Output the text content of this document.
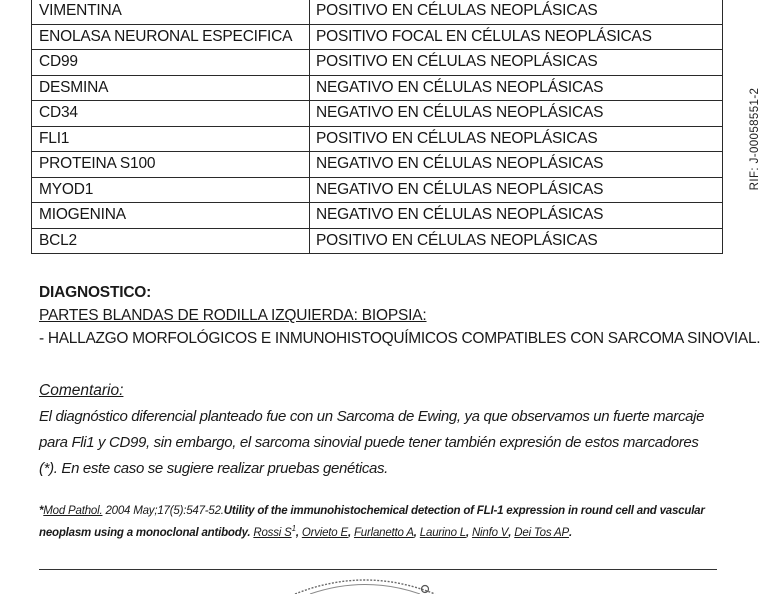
VIMENTINA	POSITIVO EN CÉLULAS NEOPLÁSICAS
ENOLASA NEURONAL ESPECIFICA	POSITIVO FOCAL EN CÉLULAS NEOPLÁSICAS
CD99	POSITIVO EN CÉLULAS NEOPLÁSICAS
DESMINA	NEGATIVO EN CÉLULAS NEOPLÁSICAS
CD34	NEGATIVO EN CÉLULAS NEOPLÁSICAS
FLI1	POSITIVO EN CÉLULAS NEOPLÁSICAS
PROTEINA S100	NEGATIVO EN CÉLULAS NEOPLÁSICAS
MYOD1	NEGATIVO EN CÉLULAS NEOPLÁSICAS
MIOGENINA	NEGATIVO EN CÉLULAS NEOPLÁSICAS
BCL2	POSITIVO EN CÉLULAS NEOPLÁSICAS
DIAGNOSTICO:
PARTES BLANDAS DE RODILLA IZQUIERDA: BIOPSIA:
- HALLAZGO MORFOLÓGICOS E INMUNOHISTOQUÍMICOS COMPATIBLES CON SARCOMA SINOVIAL.
Comentario:
El diagnóstico diferencial planteado fue con un Sarcoma de Ewing, ya que observamos un fuerte marcaje para Fli1 y CD99, sin embargo, el sarcoma sinovial puede tener también expresión de estos marcadores (*). En este caso se sugiere realizar pruebas genéticas.
*Mod Pathol. 2004 May;17(5):547-52.Utility of the immunohistochemical detection of FLI-1 expression in round cell and vascular neoplasm using a monoclonal antibody. Rossi $S^1$, Orvieto E, Furlanetto A, Laurino L, Ninfo V, Dei Tos AP.
RIF: J-00058551-2
